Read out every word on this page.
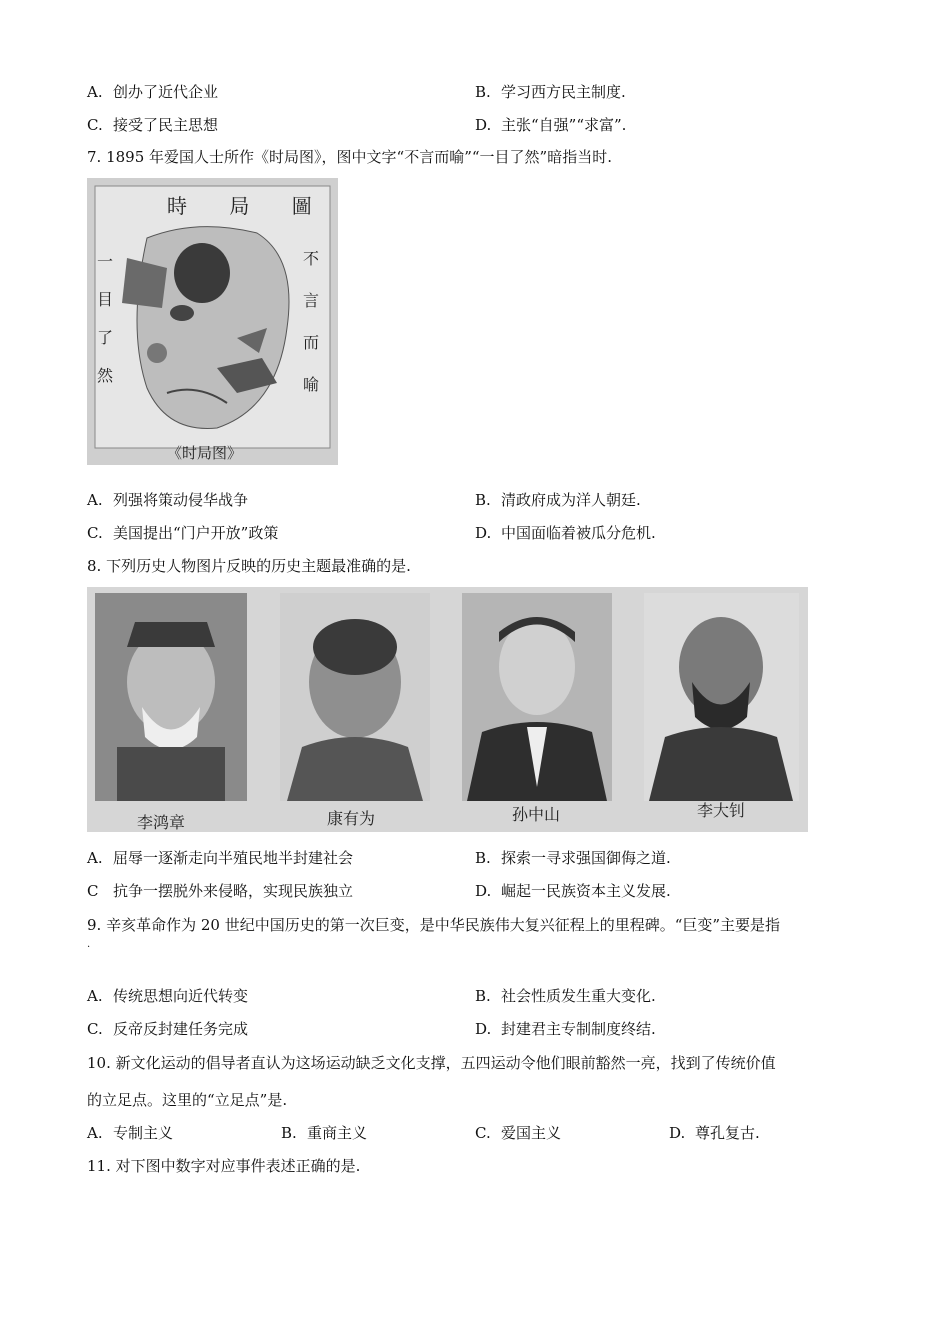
A. 创办了近代企业	B. 学习西方民主制度.
C. 接受了民主思想	D. 主张“自强”“求富”.
7. 1895 年爱国人士所作《时局图》，图中文字“不言而喻”“一目了然”暗指当时.
時 局 圖
一 目 了 然
不 言 而 喻
《时局图》
A. 列强将策动侵华战争	B. 清政府成为洋人朝廷.
C. 美国提出“门户开放”政策	D. 中国面临着被瓜分危机.
8. 下列历史人物图片反映的历史主题最准确的是.
李鸿章	康有为	孙中山	李大钊
A. 屈辱一逐渐走向半殖民地半封建社会	B. 探索一寻求强国御侮之道.
C 抗争一摆脱外来侵略，实现民族独立	D. 崛起一民族资本主义发展.
9. 辛亥革命作为 20 世纪中国历史的第一次巨变，是中华民族伟大复兴征程上的里程碑。“巨变”主要是指
.
A. 传统思想向近代转变	B. 社会性质发生重大变化.
C. 反帝反封建任务完成	D. 封建君主专制制度终结.
10. 新文化运动的倡导者直认为这场运动缺乏文化支撑，五四运动令他们眼前豁然一亮，找到了传统价值
的立足点。这里的“立足点”是.
A. 专制主义	B. 重商主义	C. 爱国主义	D. 尊孔复古.
11. 对下图中数字对应事件表述正确的是.
